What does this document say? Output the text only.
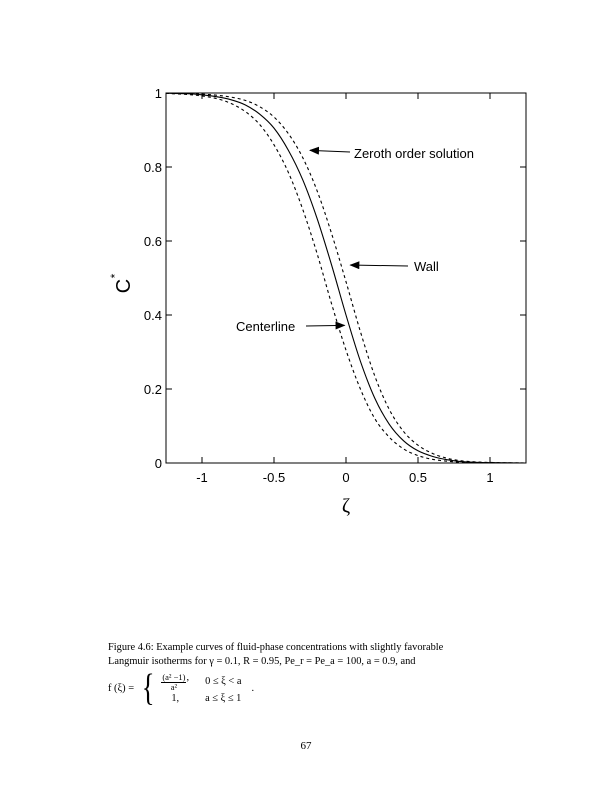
-1	-0.5	0	0.5	1
0
0.2
0.4
0.6
0.8
1
Zeroth order solution
Wall
Centerline
ζ
C
*

Figure 4.6: Example curves of fluid-phase concentrations with slightly favorable

Langmuir isotherms for γ = 0.1, R = 0.95, Pe_r = Pe_a = 100, a = 0.9, and

f (ξ) = { $\frac{\text{(a² −1)}}{\text{a²}}$ , 0 ≤ ξ < a
1,	a ≤ ξ ≤ 1
.
67
